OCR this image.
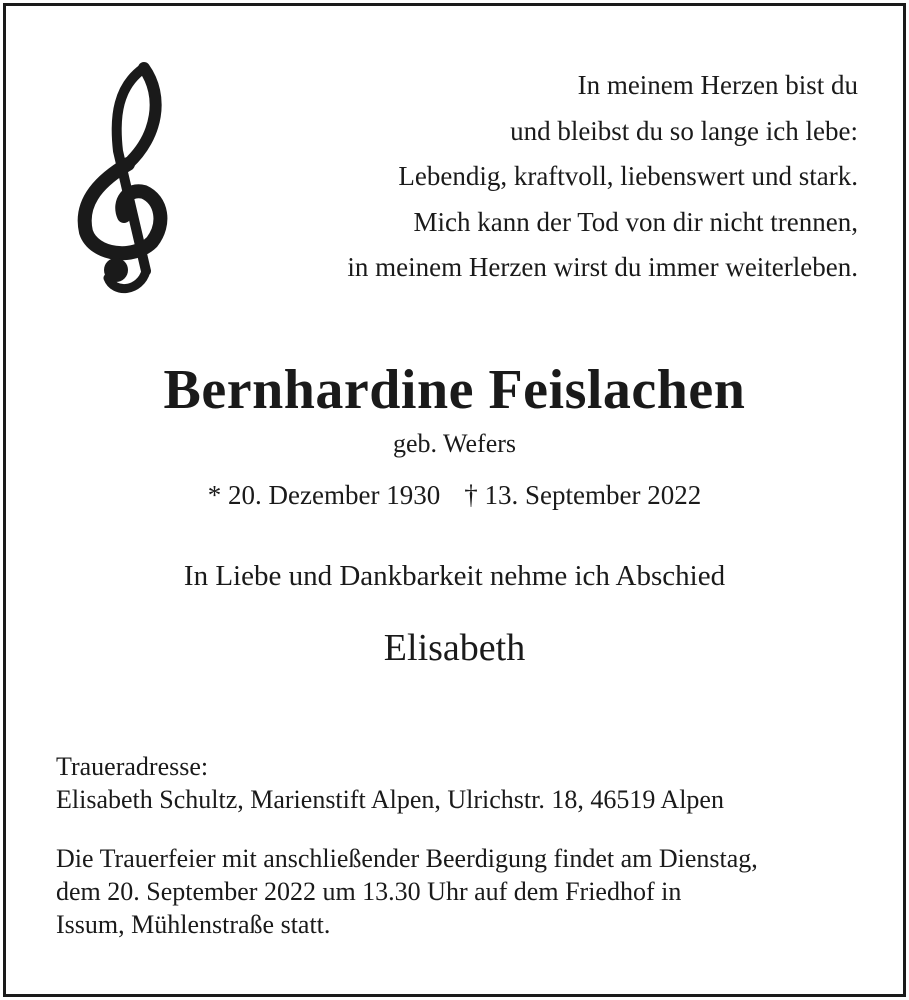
In meinem Herzen bist du
und bleibst du so lange ich lebe:
Lebendig, kraftvoll, liebenswert und stark.
Mich kann der Tod von dir nicht trennen,
in meinem Herzen wirst du immer weiterleben.
Bernhardine Feislachen
geb. Wefers
* 20. Dezember 1930 † 13. September 2022
In Liebe und Dankbarkeit nehme ich Abschied
Elisabeth
Traueradresse:
Elisabeth Schultz, Marienstift Alpen, Ulrichstr. 18, 46519 Alpen
Die Trauerfeier mit anschließender Beerdigung findet am Dienstag,
dem 20. September 2022 um 13.30 Uhr auf dem Friedhof in
Issum, Mühlenstraße statt.
